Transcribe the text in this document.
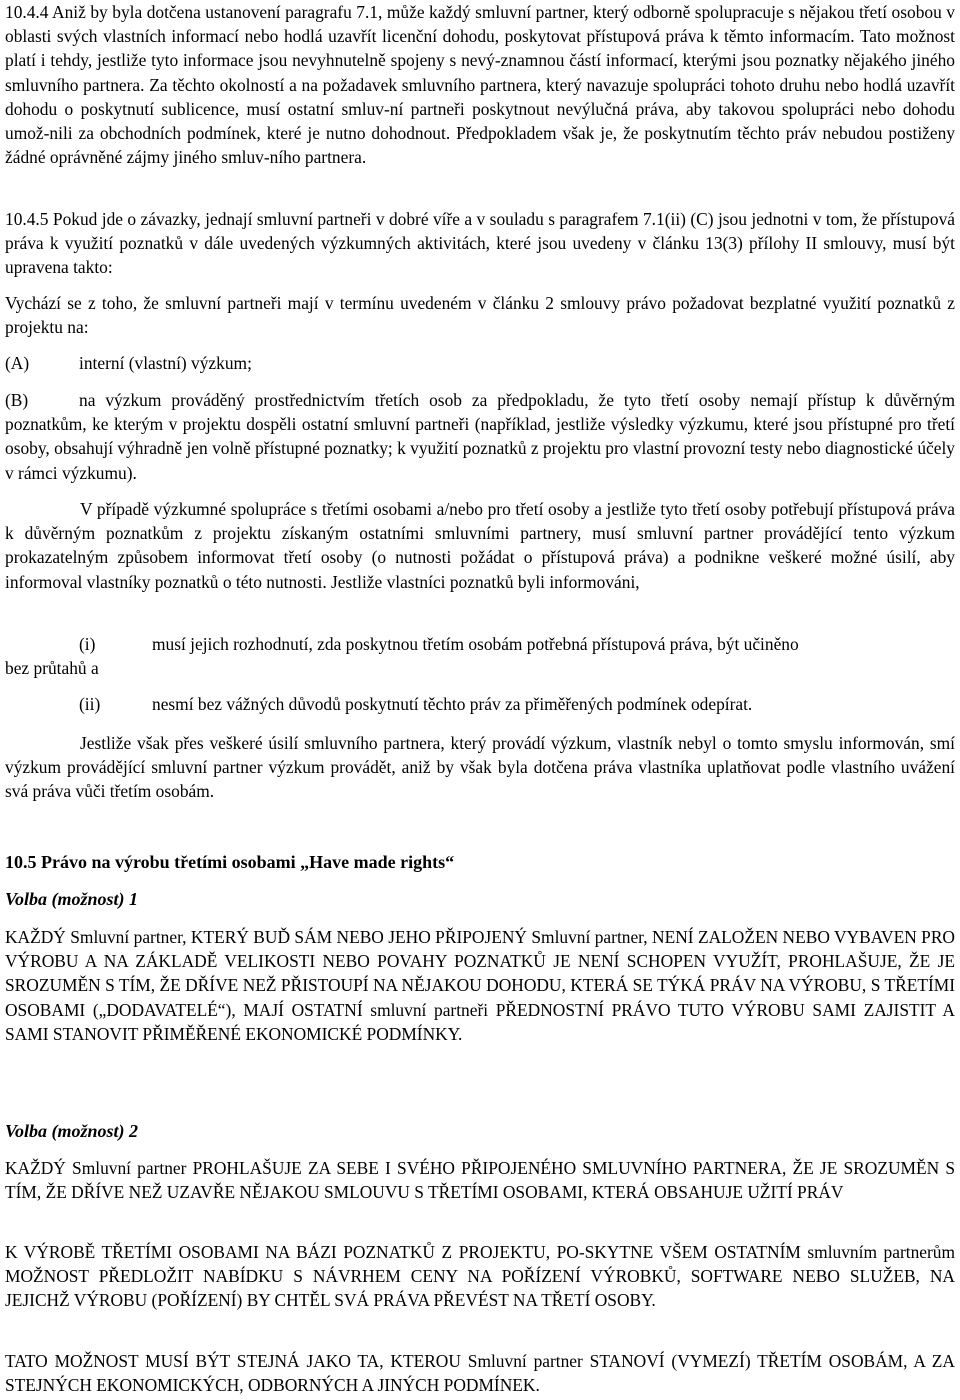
10.4.4 Aniž by byla dotčena ustanovení paragrafu 7.1, může každý smluvní partner, který odborně spolupracuje s nějakou třetí osobou v oblasti svých vlastních informací nebo hodlá uzavřít licenční dohodu, poskytovat přístupová práva k těmto informacím. Tato možnost platí i tehdy, jestliže tyto informace jsou nevyhnutelně spojeny s nevý-znamnou částí informací, kterými jsou poznatky nějakého jiného smluvního partnera. Za těchto okolností a na požadavek smluvního partnera, který navazuje spolupráci tohoto druhu nebo hodlá uzavřít dohodu o poskytnutí sublicence, musí ostatní smluv-ní partneři poskytnout nevýlučná práva, aby takovou spolupráci nebo dohodu umož-nili za obchodních podmínek, které je nutno dohodnout. Předpokladem však je, že poskytnutím těchto práv nebudou postiženy žádné oprávněné zájmy jiného smluv-ního partnera.

10.4.5 Pokud jde o závazky, jednají smluvní partneři v dobré víře a v souladu s paragrafem 7.1(ii) (C) jsou jednotni v tom, že přístupová práva k využití poznatků v dále uvedených výzkumných aktivitách, které jsou uvedeny v článku 13(3) přílohy II smlouvy, musí být upravena takto:

Vychází se z toho, že smluvní partneři mají v termínu uvedeném v článku 2 smlouvy právo požadovat bezplatné využití poznatků z projektu na:

(A)	interní (vlastní) výzkum;

(B)	na výzkum prováděný prostřednictvím třetích osob za předpokladu, že tyto třetí osoby nemají přístup k důvěrným poznatkům, ke kterým v projektu dospěli ostatní smluvní partneři (například, jestliže výsledky výzkumu, které jsou přístupné pro třetí osoby, obsahují výhradně jen volně přístupné poznatky; k využití poznatků z projektu pro vlastní provozní testy nebo diagnostické účely v rámci výzkumu).

V případě výzkumné spolupráce s třetími osobami a/nebo pro třetí osoby a jestliže tyto třetí osoby potřebují přístupová práva k důvěrným poznatkům z projektu získaným ostatními smluvními partnery, musí smluvní partner provádějící tento výzkum prokazatelným způsobem informovat třetí osoby (o nutnosti požádat o přístupová práva) a podnikne veškeré možné úsilí, aby informoval vlastníky poznatků o této nutnosti. Jestliže vlastníci poznatků byli informováni,

(i)	musí jejich rozhodnutí, zda poskytnou třetím osobám potřebná přístupová práva, být učiněno
bez průtahů a
(ii)	nesmí bez vážných důvodů poskytnutí těchto práv za přiměřených podmínek odepírat.

Jestliže však přes veškeré úsilí smluvního partnera, který provádí výzkum, vlastník nebyl o tomto smyslu informován, smí výzkum provádějící smluvní partner výzkum provádět, aniž by však byla dotčena práva vlastníka uplatňovat podle vlastního uvážení svá práva vůči třetím osobám.

10.5 Právo na výrobu třetími osobami „Have made rights“
Volba (možnost) 1

KAŽDÝ Smluvní partner, KTERÝ BUĎ SÁM NEBO JEHO PŘIPOJENÝ Smluvní partner, NENÍ ZALOŽEN NEBO VYBAVEN PRO VÝROBU A NA ZÁKLADĚ VELIKOSTI NEBO POVAHY POZNATKŮ JE NENÍ SCHOPEN VYUŽÍT, PROHLAŠUJE, ŽE JE SROZUMĚN S TÍM, ŽE DŘÍVE NEŽ PŘISTOUPÍ NA NĚJAKOU DOHODU, KTERÁ SE TÝKÁ PRÁV NA VÝROBU, S TŘETÍMI OSOBAMI („DODAVATELÉ“), MAJÍ OSTATNÍ smluvní partneři PŘEDNOSTNÍ PRÁVO TUTO VÝROBU SAMI ZAJISTIT A SAMI STANOVIT PŘIMĚŘENÉ EKONOMICKÉ PODMÍNKY.

Volba (možnost) 2

KAŽDÝ Smluvní partner PROHLAŠUJE ZA SEBE I SVÉHO PŘIPOJENÉHO SMLUVNÍHO PARTNERA, ŽE JE SROZUMĚN S TÍM, ŽE DŘÍVE NEŽ UZAVŘE NĚJAKOU SMLOUVU S TŘETÍMI OSOBAMI, KTERÁ OBSAHUJE UŽITÍ PRÁV

K VÝROBĚ TŘETÍMI OSOBAMI NA BÁZI POZNATKŮ Z PROJEKTU, PO-SKYTNE VŠEM OSTATNÍM smluvním partnerům MOŽNOST PŘEDLOŽIT NABÍDKU S NÁVRHEM CENY NA POŘÍZENÍ VÝROBKŮ, SOFTWARE NEBO SLUŽEB, NA JEJICHŽ VÝROBU (POŘÍZENÍ) BY CHTĚL SVÁ PRÁVA PŘEVÉST NA TŘETÍ OSOBY.

TATO MOŽNOST MUSÍ BÝT STEJNÁ JAKO TA, KTEROU Smluvní partner STANOVÍ (VYMEZÍ) TŘETÍM OSOBÁM, A ZA STEJNÝCH EKONOMICKÝCH, ODBORNÝCH A JINÝCH PODMÍNEK.
